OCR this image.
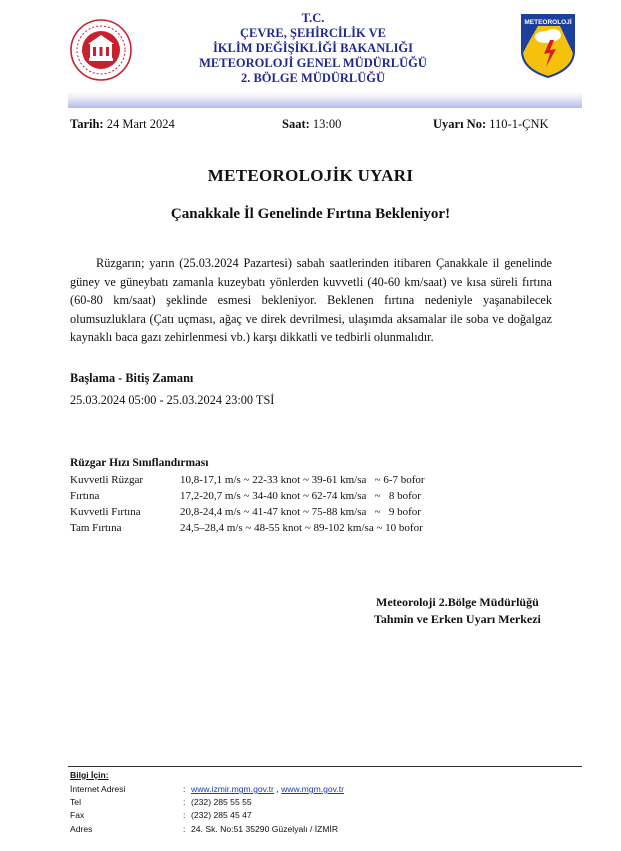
T.C.
ÇEVRE, ŞEHİRCİLİK VE
İKLİM DEĞİŞİKLİĞİ BAKANLIĞI
METEOROLOJİ GENEL MÜDÜRLÜĞÜ
2. BÖLGE MÜDÜRLÜĞÜ
METEOROLOJİ
Tarih: 24 Mart 2024	Saat: 13:00	Uyarı No: 110-1-ÇNK
METEOROLOJİK UYARI
Çanakkale İl Genelinde Fırtına Bekleniyor!
Rüzgarın; yarın (25.03.2024 Pazartesi) sabah saatlerinden itibaren Çanakkale il genelinde güney ve güneybatı zamanla kuzeybatı yönlerden kuvvetli (40-60 km/saat) ve kısa süreli fırtına (60-80 km/saat) şeklinde esmesi bekleniyor. Beklenen fırtına nedeniyle yaşanabilecek olumsuzluklara (Çatı uçması, ağaç ve direk devrilmesi, ulaşımda aksamalar ile soba ve doğalgaz kaynaklı baca gazı zehirlenmesi vb.) karşı dikkatli ve tedbirli olunmalıdır.
Başlama - Bitiş Zamanı
25.03.2024 05:00 - 25.03.2024 23:00 TSİ
Rüzgar Hızı Sınıflandırması
Kuvvetli Rüzgar	10,8-17,1 m/s ~ 22-33 knot ~ 39-61 km/sa   ~ 6-7 bofor
Fırtına	17,2-20,7 m/s ~ 34-40 knot ~ 62-74 km/sa   ~   8 bofor
Kuvvetli Fırtına	20,8-24,4 m/s ~ 41-47 knot ~ 75-88 km/sa   ~   9 bofor
Tam Fırtına	24,5–28,4 m/s ~ 48-55 knot ~ 89-102 km/sa ~ 10 bofor
Meteoroloji 2.Bölge Müdürlüğü
Tahmin ve Erken Uyarı Merkezi
Bilgi İçin:
İnternet Adresi	: www.izmir.mgm.gov.tr , www.mgm.gov.tr
Tel	: (232) 285 55 55
Fax	: (232) 285 45 47
Adres	: 24. Sk. No:51 35290 Güzelyalı / İZMİR
